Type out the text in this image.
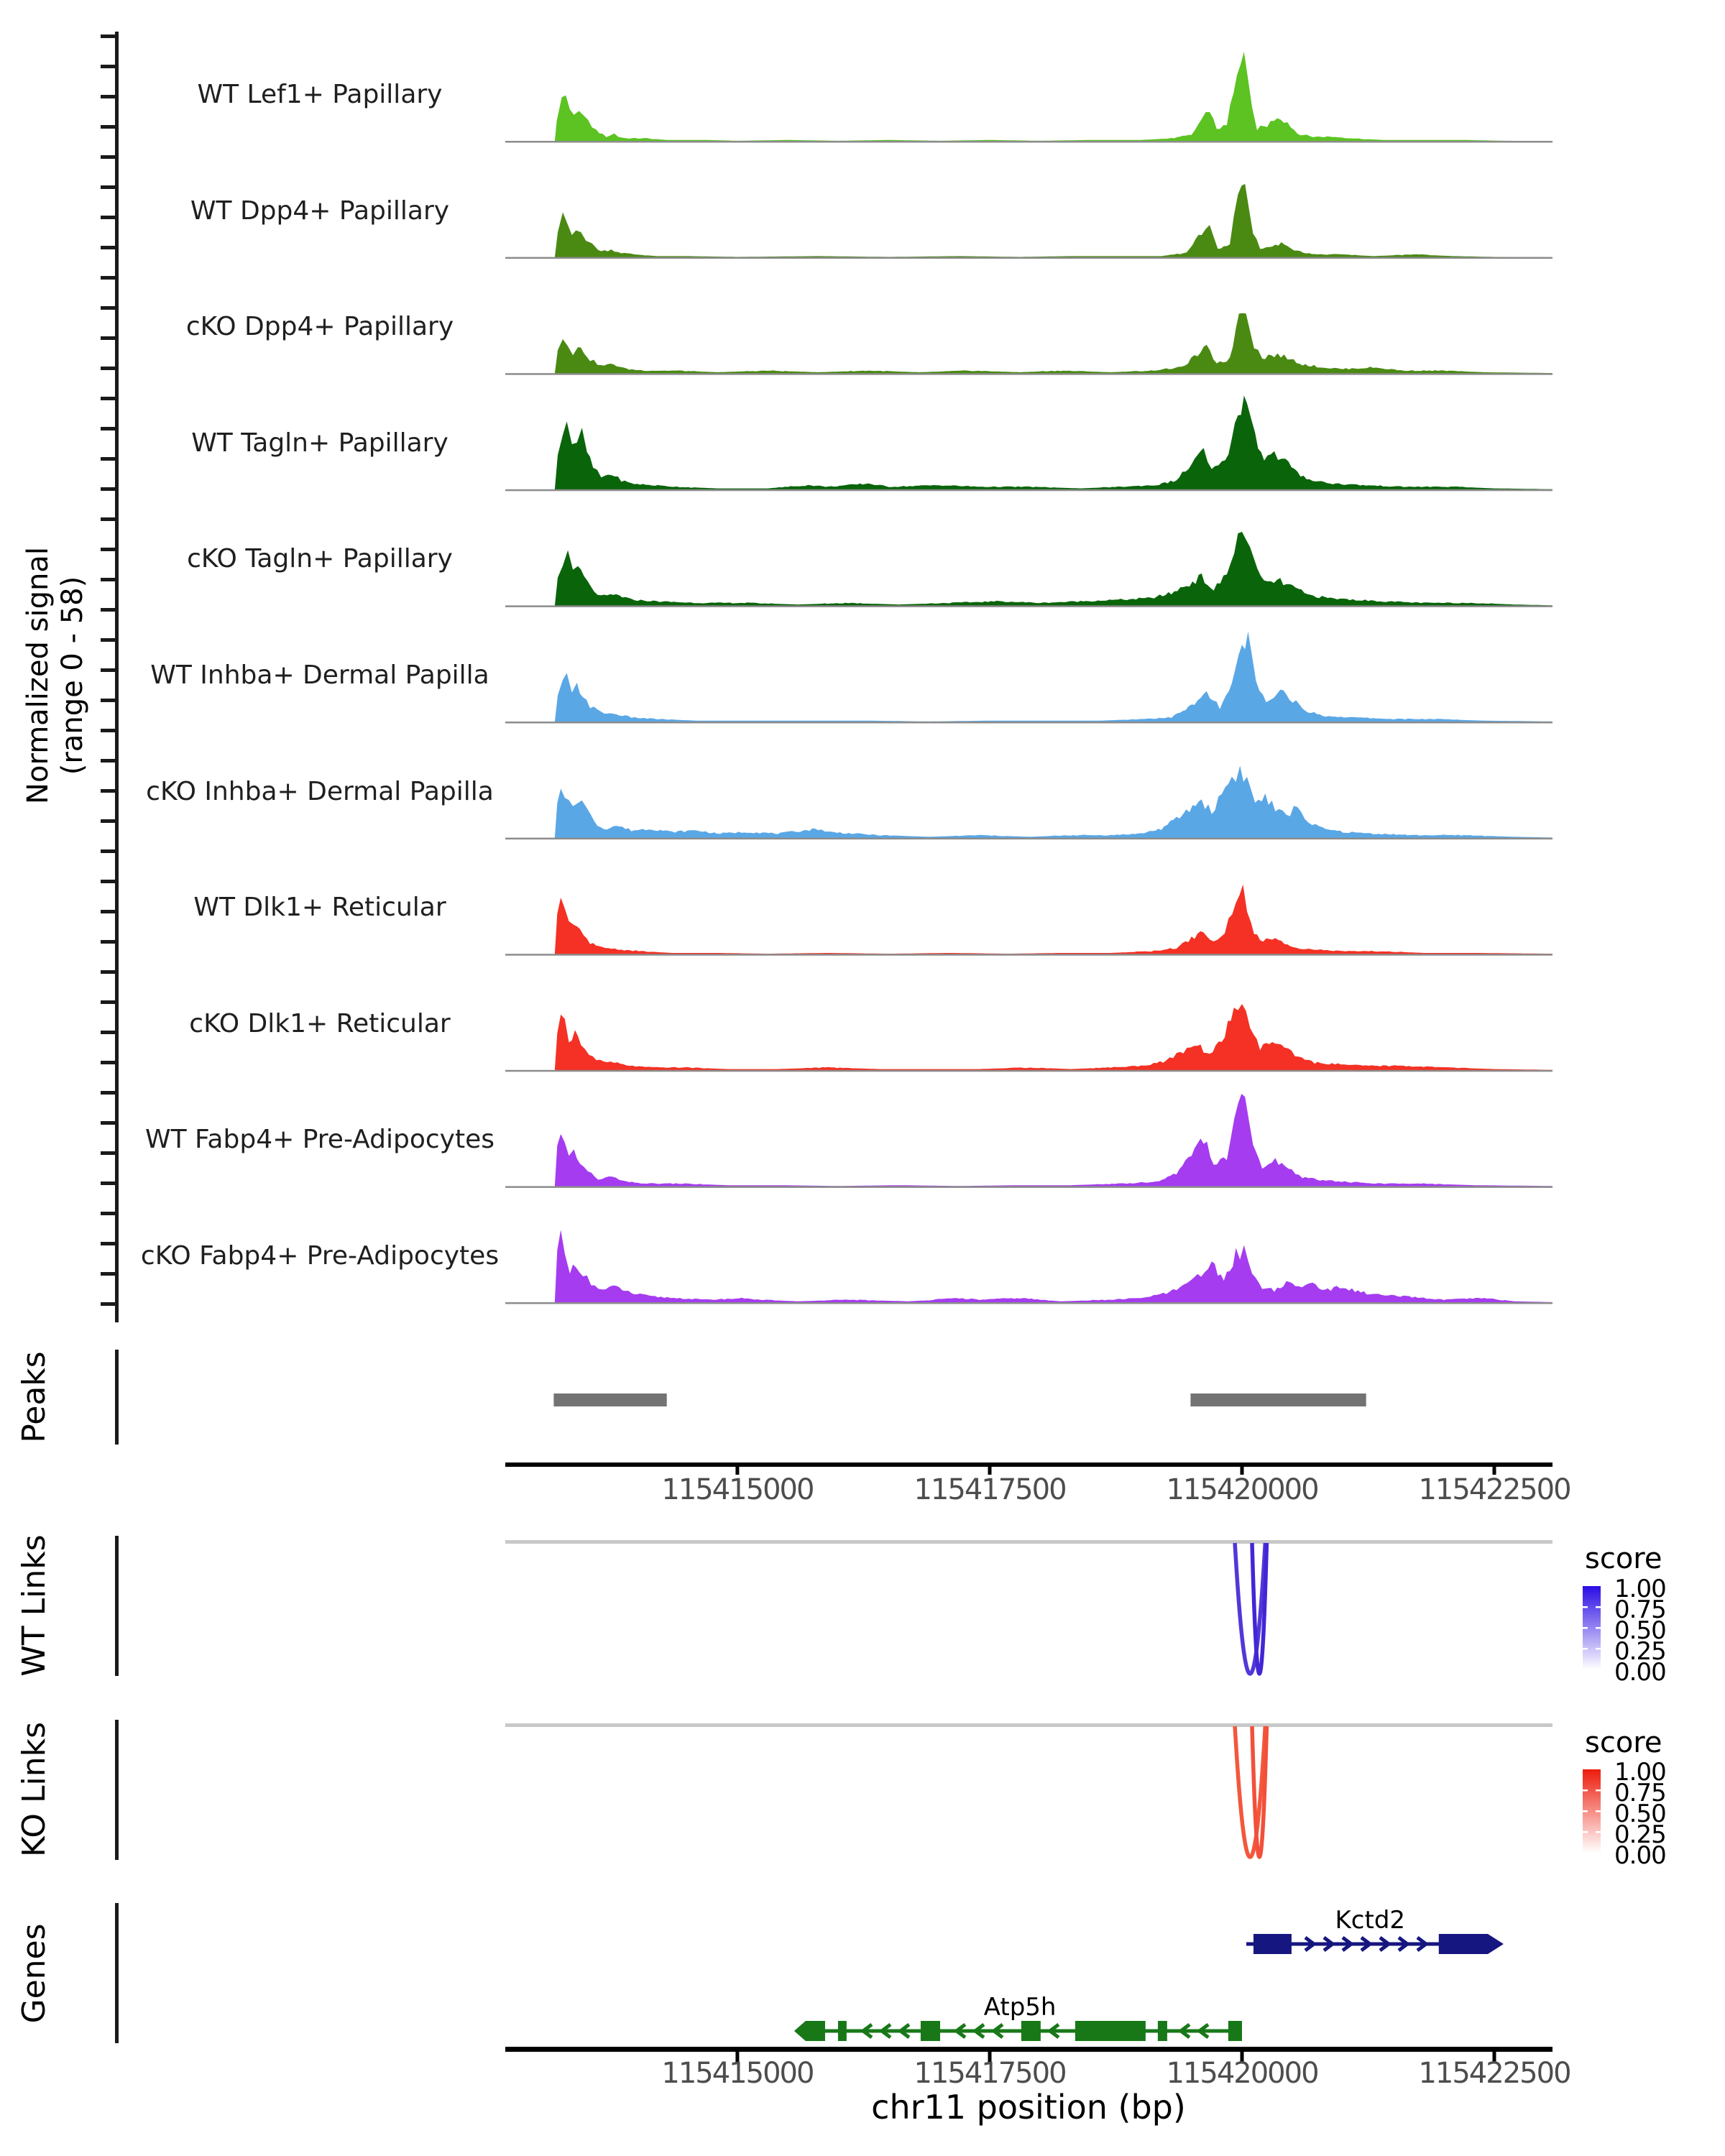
Normalized signal (range 0 - 58)
WT Lef1+ Papillary
WT Dpp4+ Papillary
cKO Dpp4+ Papillary
WT Tagln+ Papillary
cKO Tagln+ Papillary
WT Inhba+ Dermal Papilla
cKO Inhba+ Dermal Papilla
WT Dlk1+ Reticular
cKO Dlk1+ Reticular
WT Fabp4+ Pre-Adipocytes
cKO Fabp4+ Pre-Adipocytes
Peaks
115415000	115417500	115420000	115422500
1.00
0.75
0.50
0.25
0.00
WT Links	score
1.00
0.75
0.50
0.25
0.00
KO Links	score
Kctd2
Atp5h
Genes
115415000	115417500	115420000	115422500
chr11 position (bp)
